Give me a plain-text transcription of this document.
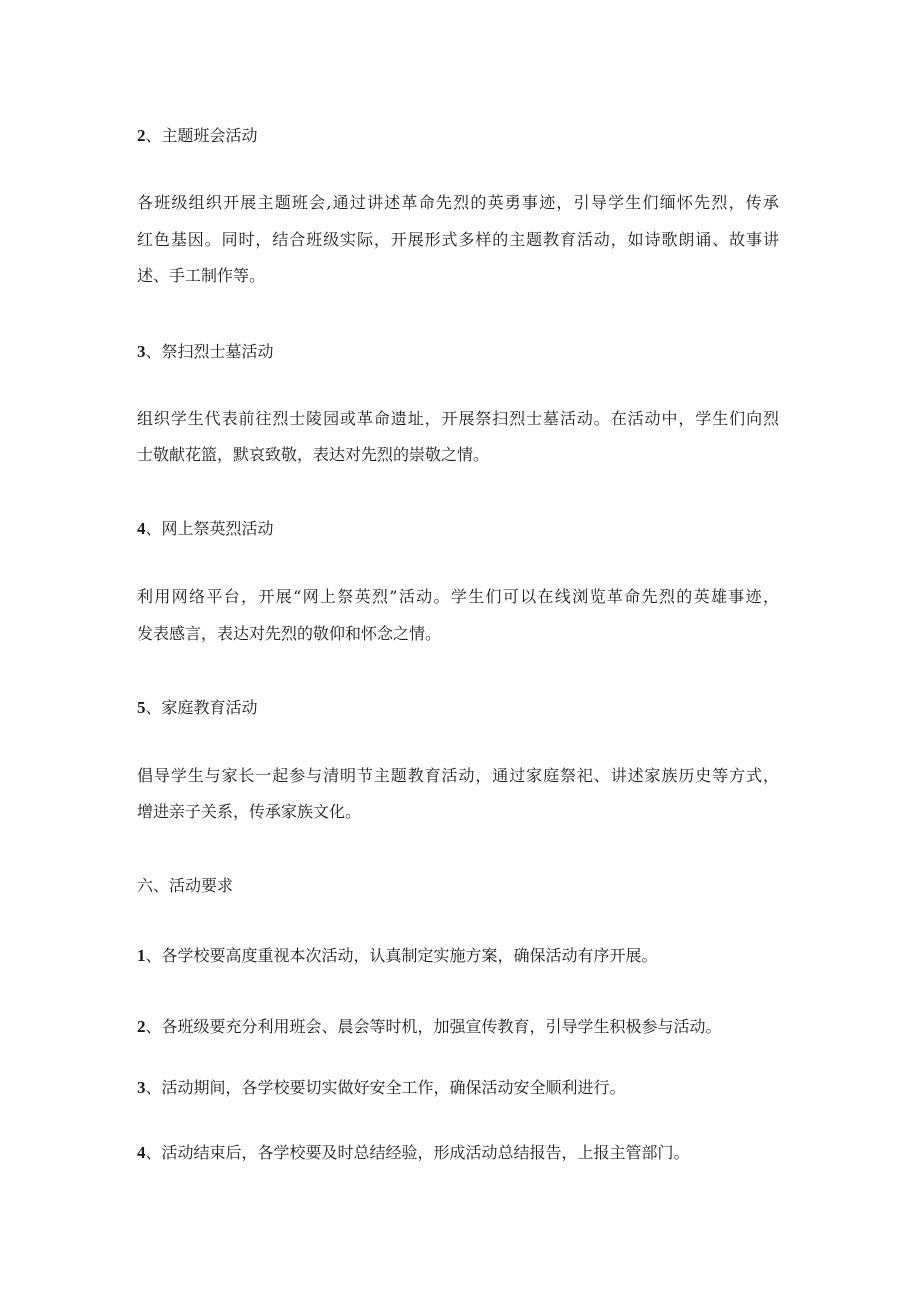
2、主题班会活动
各班级组织开展主题班会,通过讲述革命先烈的英勇事迹，引导学生们缅怀先烈，传承
红色基因。同时，结合班级实际，开展形式多样的主题教育活动，如诗歌朗诵、故事讲
述、手工制作等。
3、祭扫烈士墓活动
组织学生代表前往烈士陵园或革命遗址，开展祭扫烈士墓活动。在活动中，学生们向烈
士敬献花篮，默哀致敬，表达对先烈的崇敬之情。
4、网上祭英烈活动
利用网络平台，开展“网上祭英烈”活动。学生们可以在线浏览革命先烈的英雄事迹，
发表感言，表达对先烈的敬仰和怀念之情。
5、家庭教育活动
倡导学生与家长一起参与清明节主题教育活动，通过家庭祭祀、讲述家族历史等方式，
增进亲子关系，传承家族文化。
六、活动要求
1、各学校要高度重视本次活动，认真制定实施方案，确保活动有序开展。
2、各班级要充分利用班会、晨会等时机，加强宣传教育，引导学生积极参与活动。
3、活动期间，各学校要切实做好安全工作，确保活动安全顺利进行。
4、活动结束后，各学校要及时总结经验，形成活动总结报告，上报主管部门。
